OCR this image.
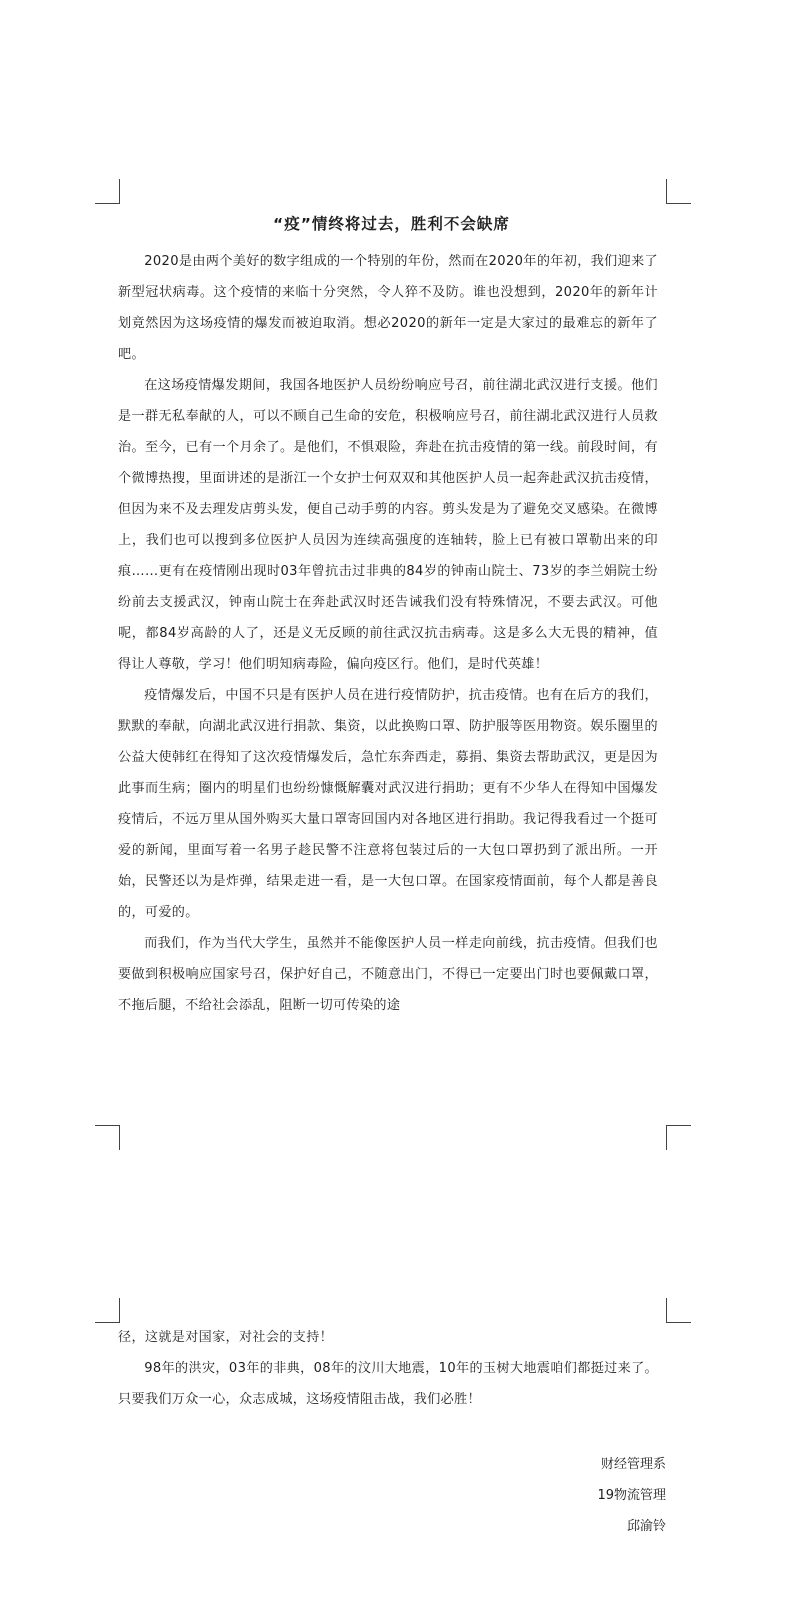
“疫”情终将过去，胜利不会缺席

2020是由两个美好的数字组成的一个特别的年份，然而在2020年的年初，我们迎来了新型冠状病毒。这个疫情的来临十分突然，令人猝不及防。谁也没想到，2020年的新年计划竟然因为这场疫情的爆发而被迫取消。想必2020的新年一定是大家过的最难忘的新年了吧。

在这场疫情爆发期间，我国各地医护人员纷纷响应号召，前往湖北武汉进行支援。他们是一群无私奉献的人，可以不顾自己生命的安危，积极响应号召，前往湖北武汉进行人员救治。至今，已有一个月余了。是他们，不惧艰险，奔赴在抗击疫情的第一线。前段时间，有个微博热搜，里面讲述的是浙江一个女护士何双双和其他医护人员一起奔赴武汉抗击疫情，但因为来不及去理发店剪头发，便自己动手剪的内容。剪头发是为了避免交叉感染。在微博上，我们也可以搜到多位医护人员因为连续高强度的连轴转，脸上已有被口罩勒出来的印痕……更有在疫情刚出现时03年曾抗击过非典的84岁的钟南山院士、73岁的李兰娟院士纷纷前去支援武汉，钟南山院士在奔赴武汉时还告诫我们没有特殊情况，不要去武汉。可他呢，都84岁高龄的人了，还是义无反顾的前往武汉抗击病毒。这是多么大无畏的精神，值得让人尊敬，学习！他们明知病毒险，偏向疫区行。他们，是时代英雄！

疫情爆发后，中国不只是有医护人员在进行疫情防护，抗击疫情。也有在后方的我们，默默的奉献，向湖北武汉进行捐款、集资，以此换购口罩、防护服等医用物资。娱乐圈里的公益大使韩红在得知了这次疫情爆发后，急忙东奔西走，募捐、集资去帮助武汉，更是因为此事而生病；圈内的明星们也纷纷慷慨解囊对武汉进行捐助；更有不少华人在得知中国爆发疫情后，不远万里从国外购买大量口罩寄回国内对各地区进行捐助。我记得我看过一个挺可爱的新闻，里面写着一名男子趁民警不注意将包装过后的一大包口罩扔到了派出所。一开始，民警还以为是炸弹，结果走进一看，是一大包口罩。在国家疫情面前，每个人都是善良的，可爱的。

而我们，作为当代大学生，虽然并不能像医护人员一样走向前线，抗击疫情。但我们也要做到积极响应国家号召，保护好自己，不随意出门，不得已一定要出门时也要佩戴口罩，不拖后腿，不给社会添乱，阻断一切可传染的途

径，这就是对国家，对社会的支持！

98年的洪灾，03年的非典，08年的汶川大地震，10年的玉树大地震咱们都挺过来了。只要我们万众一心，众志成城，这场疫情阻击战，我们必胜！

财经管理系
19物流管理
邱渝铃
